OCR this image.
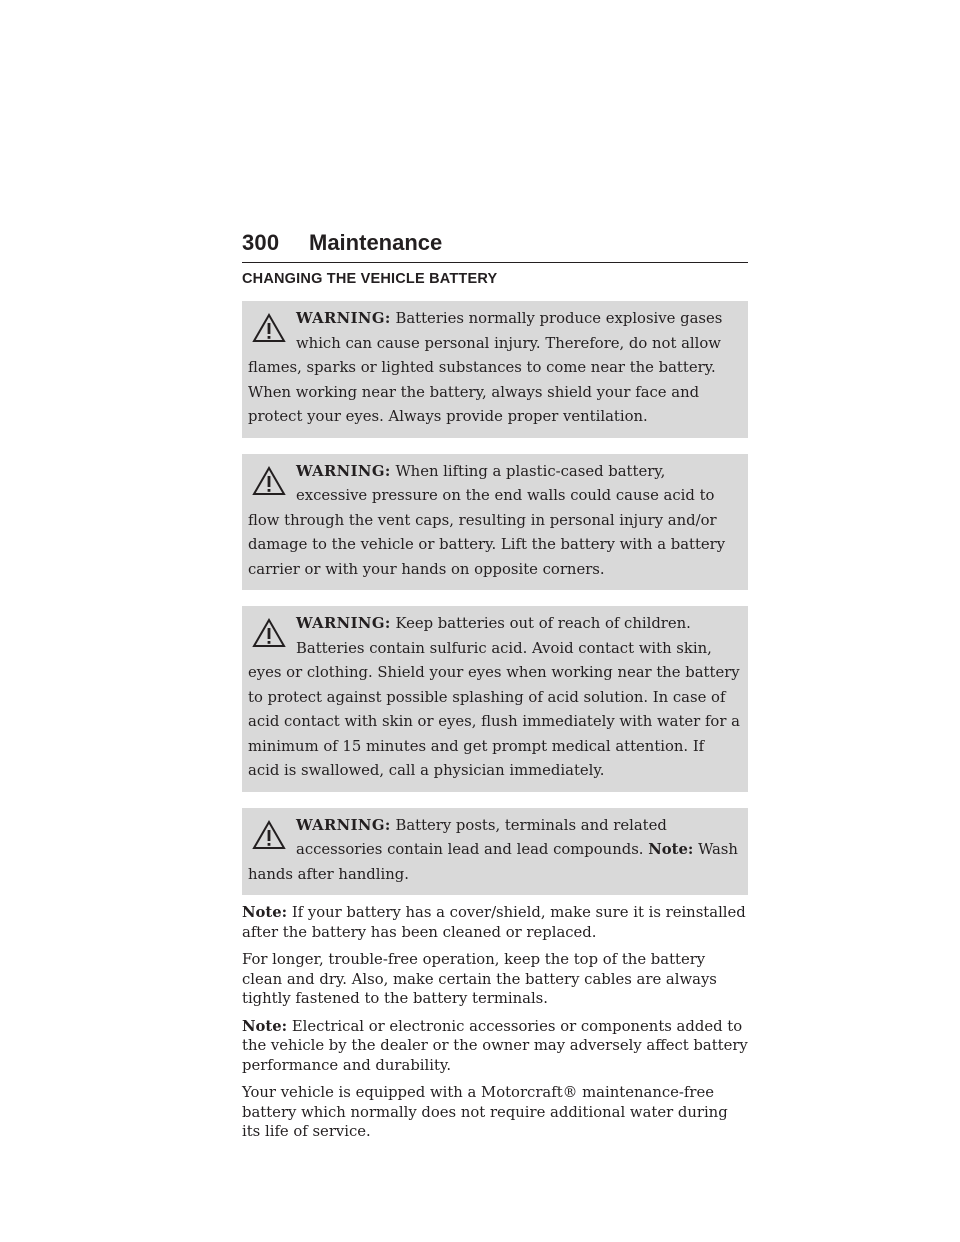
300 Maintenance
CHANGING THE VEHICLE BATTERY
WARNING: Batteries normally produce explosive gases which can cause personal injury. Therefore, do not allow flames, sparks or lighted substances to come near the battery. When working near the battery, always shield your face and protect your eyes. Always provide proper ventilation.
WARNING: When lifting a plastic-cased battery, excessive pressure on the end walls could cause acid to flow through the vent caps, resulting in personal injury and/or damage to the vehicle or battery. Lift the battery with a battery carrier or with your hands on opposite corners.
WARNING: Keep batteries out of reach of children. Batteries contain sulfuric acid. Avoid contact with skin, eyes or clothing. Shield your eyes when working near the battery to protect against possible splashing of acid solution. In case of acid contact with skin or eyes, flush immediately with water for a minimum of 15 minutes and get prompt medical attention. If acid is swallowed, call a physician immediately.
WARNING: Battery posts, terminals and related accessories contain lead and lead compounds. Note: Wash hands after handling.

Note: If your battery has a cover/shield, make sure it is reinstalled after the battery has been cleaned or replaced.

For longer, trouble-free operation, keep the top of the battery clean and dry. Also, make certain the battery cables are always tightly fastened to the battery terminals.

Note: Electrical or electronic accessories or components added to the vehicle by the dealer or the owner may adversely affect battery performance and durability.

Your vehicle is equipped with a Motorcraft® maintenance-free battery which normally does not require additional water during its life of service.
